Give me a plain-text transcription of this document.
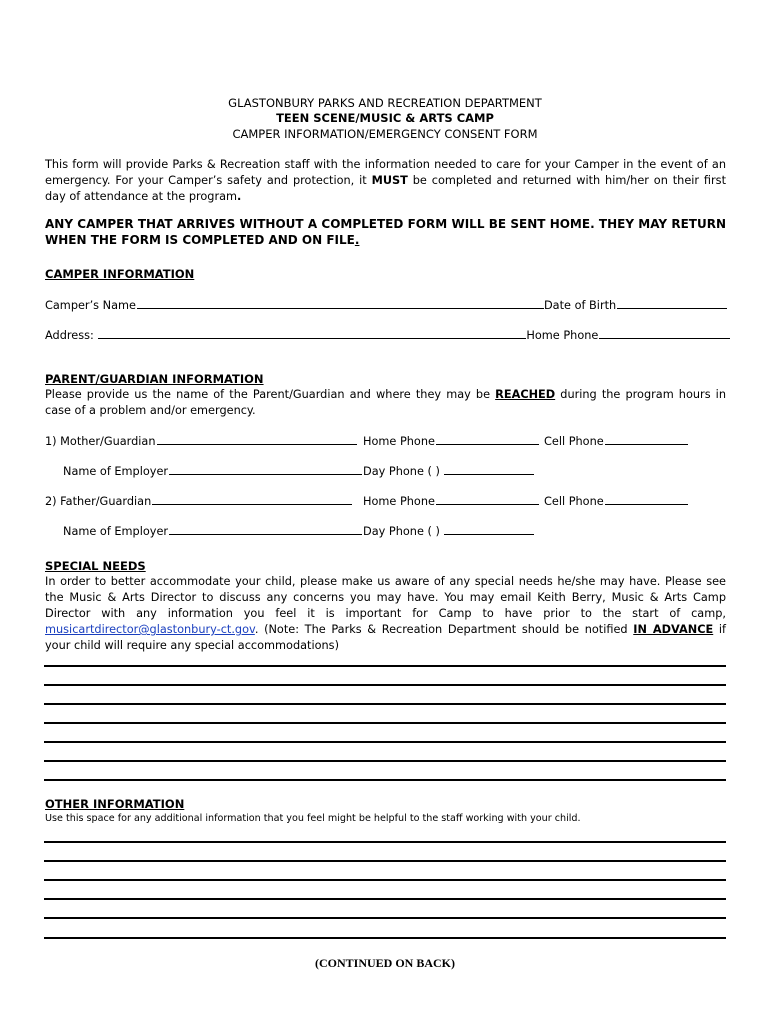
GLASTONBURY PARKS AND RECREATION DEPARTMENT
TEEN SCENE/MUSIC & ARTS CAMP
CAMPER INFORMATION/EMERGENCY CONSENT FORM
This form will provide Parks & Recreation staff with the information needed to care for your Camper in the event of an emergency. For your Camper’s safety and protection, it MUST be completed and returned with him/her on their first day of attendance at the program.
ANY CAMPER THAT ARRIVES WITHOUT A COMPLETED FORM WILL BE SENT HOME. THEY MAY RETURN WHEN THE FORM IS COMPLETED AND ON FILE.
CAMPER INFORMATION
Camper’s Name	Date of Birth
Address:	Home Phone
PARENT/GUARDIAN INFORMATION
Please provide us the name of the Parent/Guardian and where they may be REACHED during the program hours in case of a problem and/or emergency.
1) Mother/Guardian	Home Phone	Cell Phone
Name of Employer	Day Phone ( )
2) Father/Guardian	Home Phone	Cell Phone
Name of Employer	Day Phone ( )
SPECIAL NEEDS
In order to better accommodate your child, please make us aware of any special needs he/she may have. Please see the Music & Arts Director to discuss any concerns you may have. You may email Keith Berry, Music & Arts Camp Director with any information you feel it is important for Camp to have prior to the start of camp, musicartdirector@glastonbury-ct.gov. (Note: The Parks & Recreation Department should be notified IN ADVANCE if your child will require any special accommodations)
OTHER INFORMATION
Use this space for any additional information that you feel might be helpful to the staff working with your child.
(CONTINUED ON BACK)
